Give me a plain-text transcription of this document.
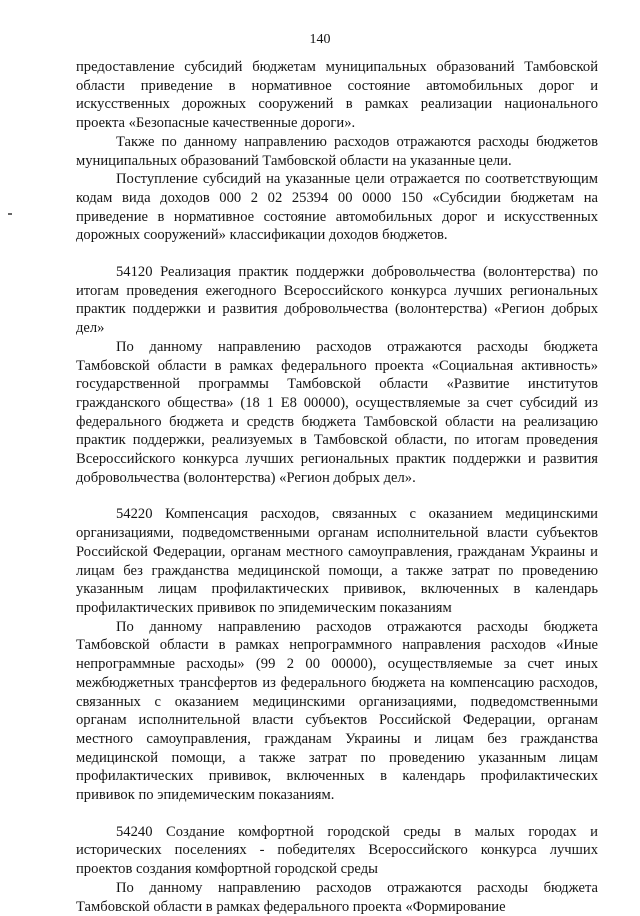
140

предоставление субсидий бюджетам муниципальных образований Тамбовской области приведение в нормативное состояние автомобильных дорог и искусственных дорожных сооружений в рамках реализации национального проекта «Безопасные качественные дороги».

Также по данному направлению расходов отражаются расходы бюджетов муниципальных образований Тамбовской области на указанные цели.

Поступление субсидий на указанные цели отражается по соответствующим кодам вида доходов 000 2 02 25394 00 0000 150 «Субсидии бюджетам на приведение в нормативное состояние автомобильных дорог и искусственных дорожных сооружений» классификации доходов бюджетов.

54120 Реализация практик поддержки добровольчества (волонтерства) по итогам проведения ежегодного Всероссийского конкурса лучших региональных практик поддержки и развития добровольчества (волонтерства) «Регион добрых дел»

По данному направлению расходов отражаются расходы бюджета Тамбовской области в рамках федерального проекта «Социальная активность» государственной программы Тамбовской области «Развитие институтов гражданского общества» (18 1 Е8 00000), осуществляемые за счет субсидий из федерального бюджета и средств бюджета Тамбовской области на реализацию практик поддержки, реализуемых в Тамбовской области, по итогам проведения Всероссийского конкурса лучших региональных практик поддержки и развития добровольчества (волонтерства) «Регион добрых дел».

54220 Компенсация расходов, связанных с оказанием медицинскими организациями, подведомственными органам исполнительной власти субъектов Российской Федерации, органам местного самоуправления, гражданам Украины и лицам без гражданства медицинской помощи, а также затрат по проведению указанным лицам профилактических прививок, включенных в календарь профилактических прививок по эпидемическим показаниям

По данному направлению расходов отражаются расходы бюджета Тамбовской области в рамках непрограммного направления расходов «Иные непрограммные расходы» (99 2 00 00000), осуществляемые за счет иных межбюджетных трансфертов из федерального бюджета на компенсацию расходов, связанных с оказанием медицинскими организациями, подведомственными органам исполнительной власти субъектов Российской Федерации, органам местного самоуправления, гражданам Украины и лицам без гражданства медицинской помощи, а также затрат по проведению указанным лицам профилактических прививок, включенных в календарь профилактических прививок по эпидемическим показаниям.

54240 Создание комфортной городской среды в малых городах и исторических поселениях - победителях Всероссийского конкурса лучших проектов создания комфортной городской среды

По данному направлению расходов отражаются расходы бюджета Тамбовской области в рамках федерального проекта «Формирование
